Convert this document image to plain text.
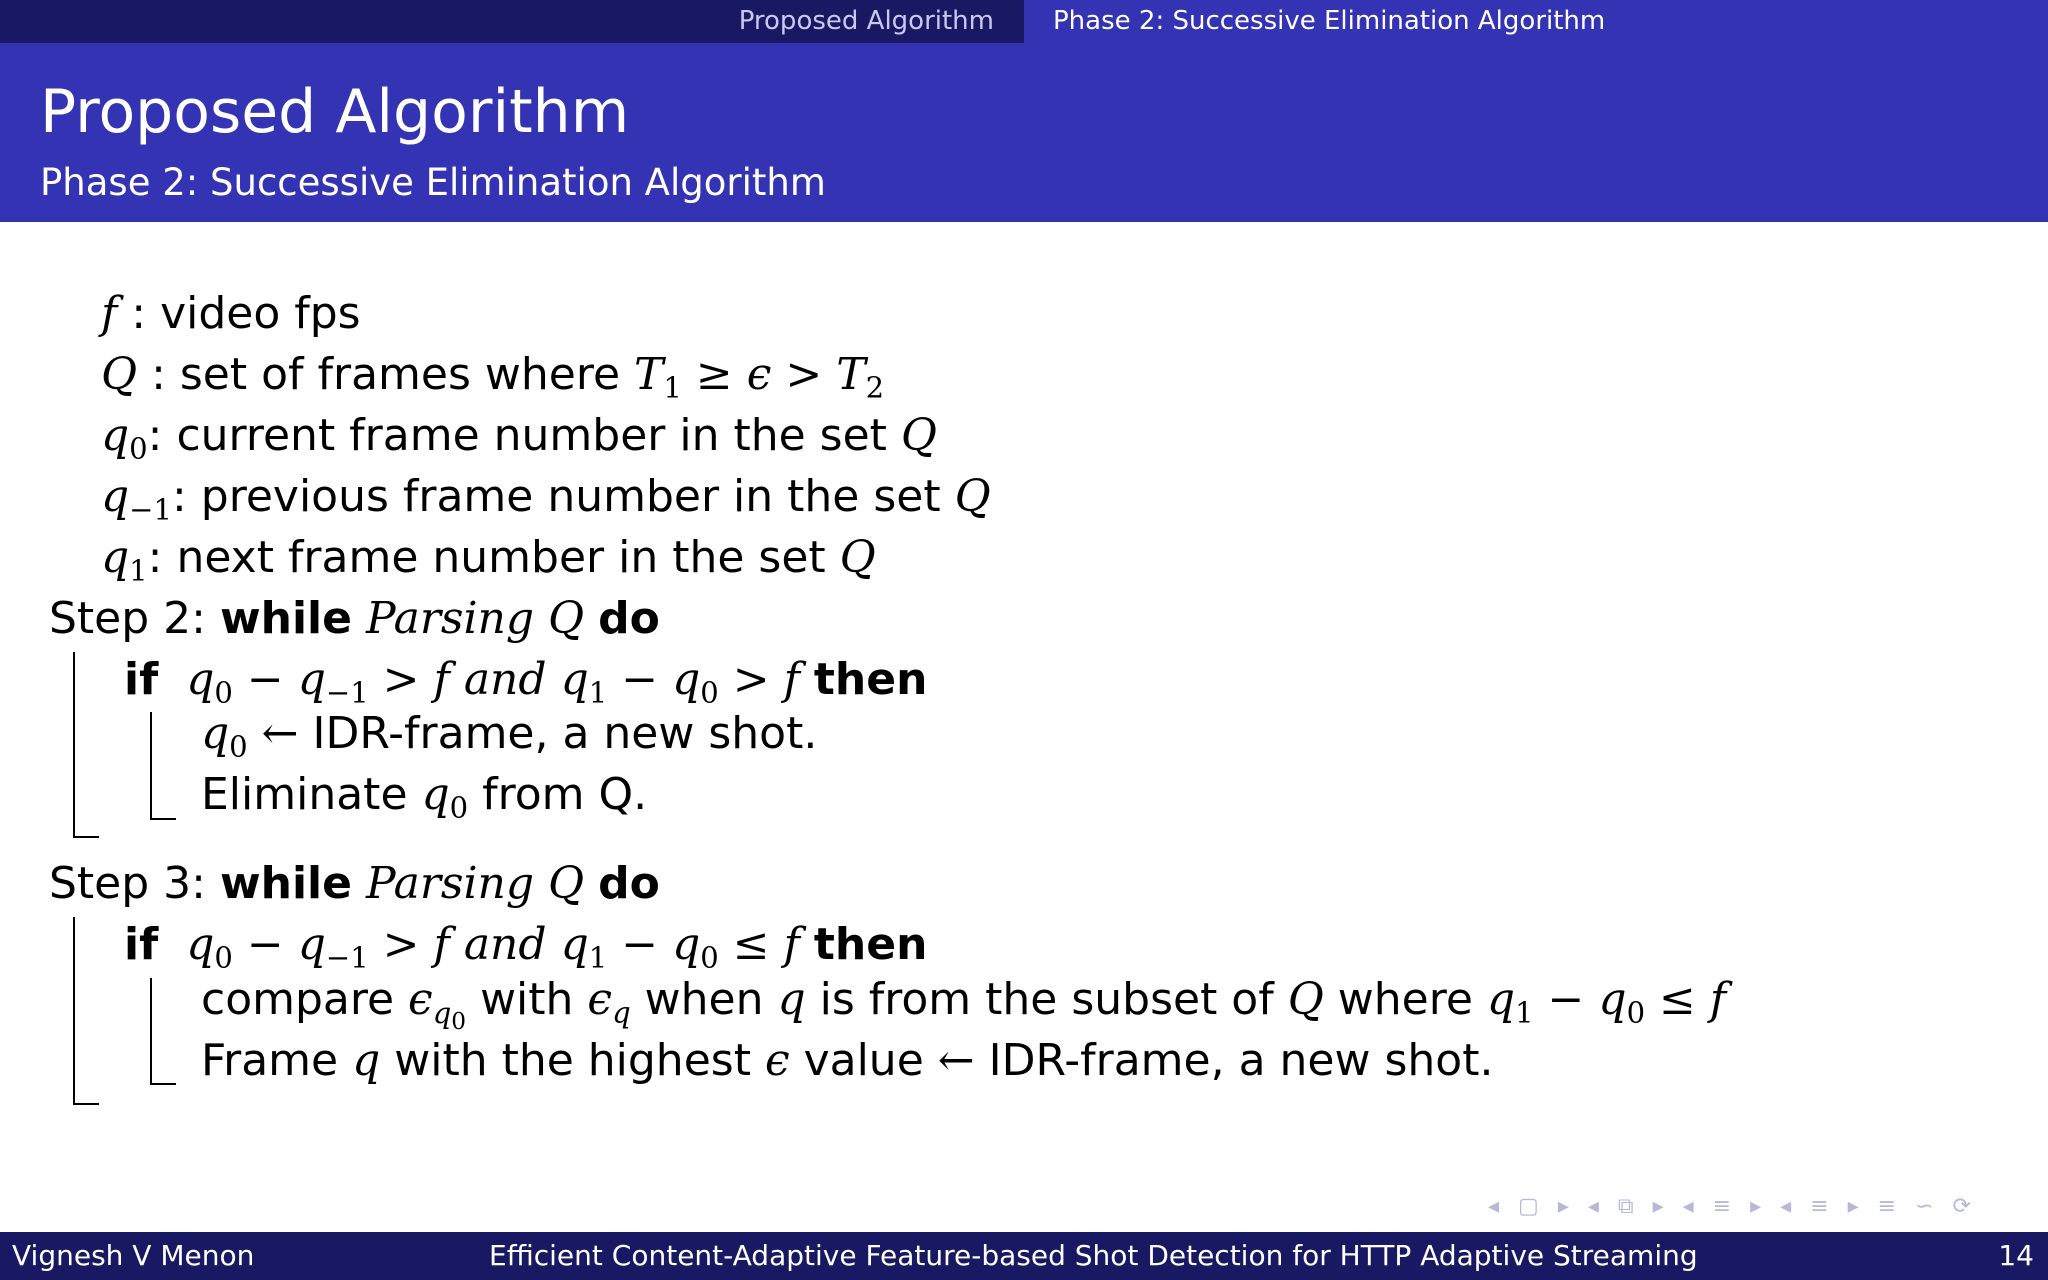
Proposed Algorithm	Phase 2: Successive Elimination Algorithm
Proposed Algorithm
Phase 2: Successive Elimination Algorithm
f : video fps
Q : set of frames where $T_1 \ge \epsilon > T_2$
$q_0$: current frame number in the set Q
$q_{-1}$: previous frame number in the set Q
$q_1$: next frame number in the set Q
Step 2: while Parsing Q do
if $q_0 - q_{-1} > f$ and $q_1 - q_0 > f$ then
$q_0$ ← IDR-frame, a new shot.
Eliminate $q_0$ from Q.
Step 3: while Parsing Q do
if $q_0 - q_{-1} > f$ and $q_1 - q_0 \le f$ then
compare $\epsilon_{q_0}$ with $\epsilon_q$ when q is from the subset of Q where $q_1 - q_0 \le f$
Frame q with the highest ϵ value ← IDR-frame, a new shot.
◂ ▢ ▸ ◂ ⧉ ▸ ◂ ≡ ▸ ◂ ≡ ▸ ≡ ∽ ⟳
Vignesh V Menon	Efficient Content-Adaptive Feature-based Shot Detection for HTTP Adaptive Streaming	14
